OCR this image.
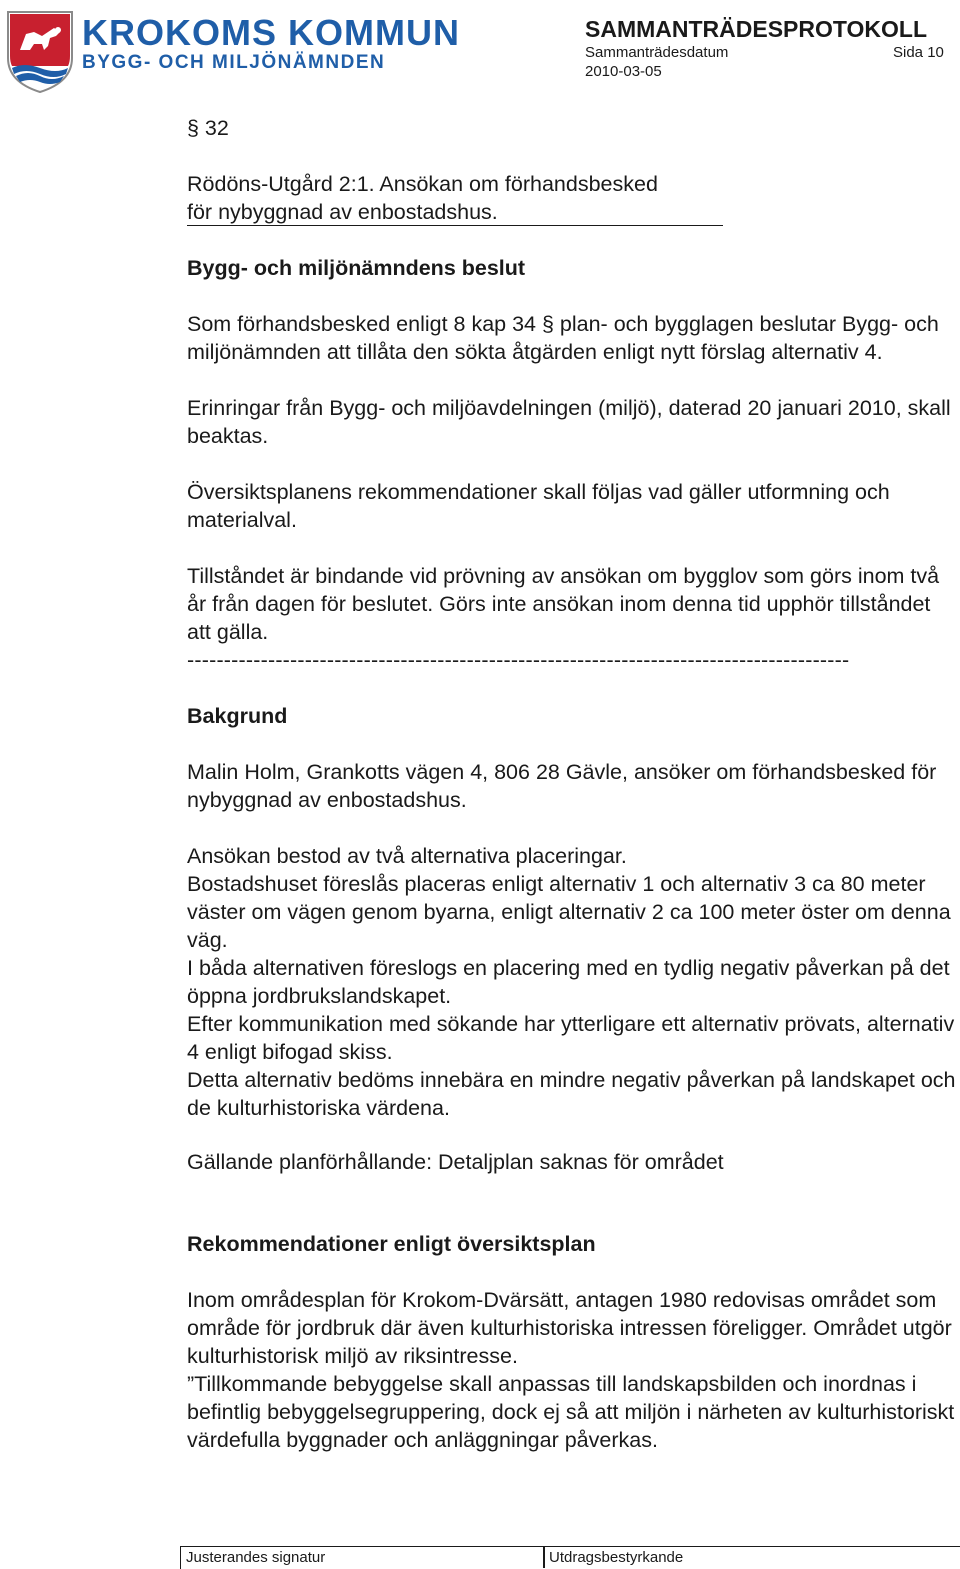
KROKOMS KOMMUN
BYGG- OCH MILJÖNÄMNDEN
SAMMANTRÄDESPROTOKOLL
Sammanträdesdatum	Sida 10
2010-03-05

§ 32

Rödöns-Utgård 2:1. Ansökan om förhandsbesked

för nybyggnad av enbostadshus.

Bygg- och miljönämndens beslut

Som förhandsbesked enligt 8 kap 34 § plan- och bygglagen beslutar Bygg- och miljönämnden att tillåta den sökta åtgärden enligt nytt förslag alternativ 4.

Erinringar från Bygg- och miljöavdelningen (miljö), daterad 20 januari 2010, skall beaktas.

Översiktsplanens rekommendationer skall följas vad gäller utformning och materialval.

Tillståndet är bindande vid prövning av ansökan om bygglov som görs inom två år från dagen för beslutet. Görs inte ansökan inom denna tid upphör tillståndet att gälla.

------------------------------------------------------------------------------------------

Bakgrund

Malin Holm, Grankotts vägen 4, 806 28 Gävle, ansöker om förhandsbesked för nybyggnad av enbostadshus.

Ansökan bestod av två alternativa placeringar.

Bostadshuset föreslås placeras enligt alternativ 1 och alternativ 3 ca 80 meter väster om vägen genom byarna, enligt alternativ 2 ca 100 meter öster om denna väg.

I båda alternativen föreslogs en placering med en tydlig negativ påverkan på det öppna jordbrukslandskapet.

Efter kommunikation med sökande har ytterligare ett alternativ prövats, alternativ 4 enligt bifogad skiss.

Detta alternativ bedöms innebära en mindre negativ påverkan på landskapet och de kulturhistoriska värdena.

Gällande planförhållande: Detaljplan saknas för området

Rekommendationer enligt översiktsplan

Inom områdesplan för Krokom-Dvärsätt, antagen 1980 redovisas området som område för jordbruk där även kulturhistoriska intressen föreligger. Området utgör kulturhistorisk miljö av riksintresse.

”Tillkommande bebyggelse skall anpassas till landskapsbilden och inordnas i befintlig bebyggelsegruppering, dock ej så att miljön i närheten av kulturhistoriskt värdefulla byggnader och anläggningar påverkas.

Justerandes signatur	Utdragsbestyrkande
